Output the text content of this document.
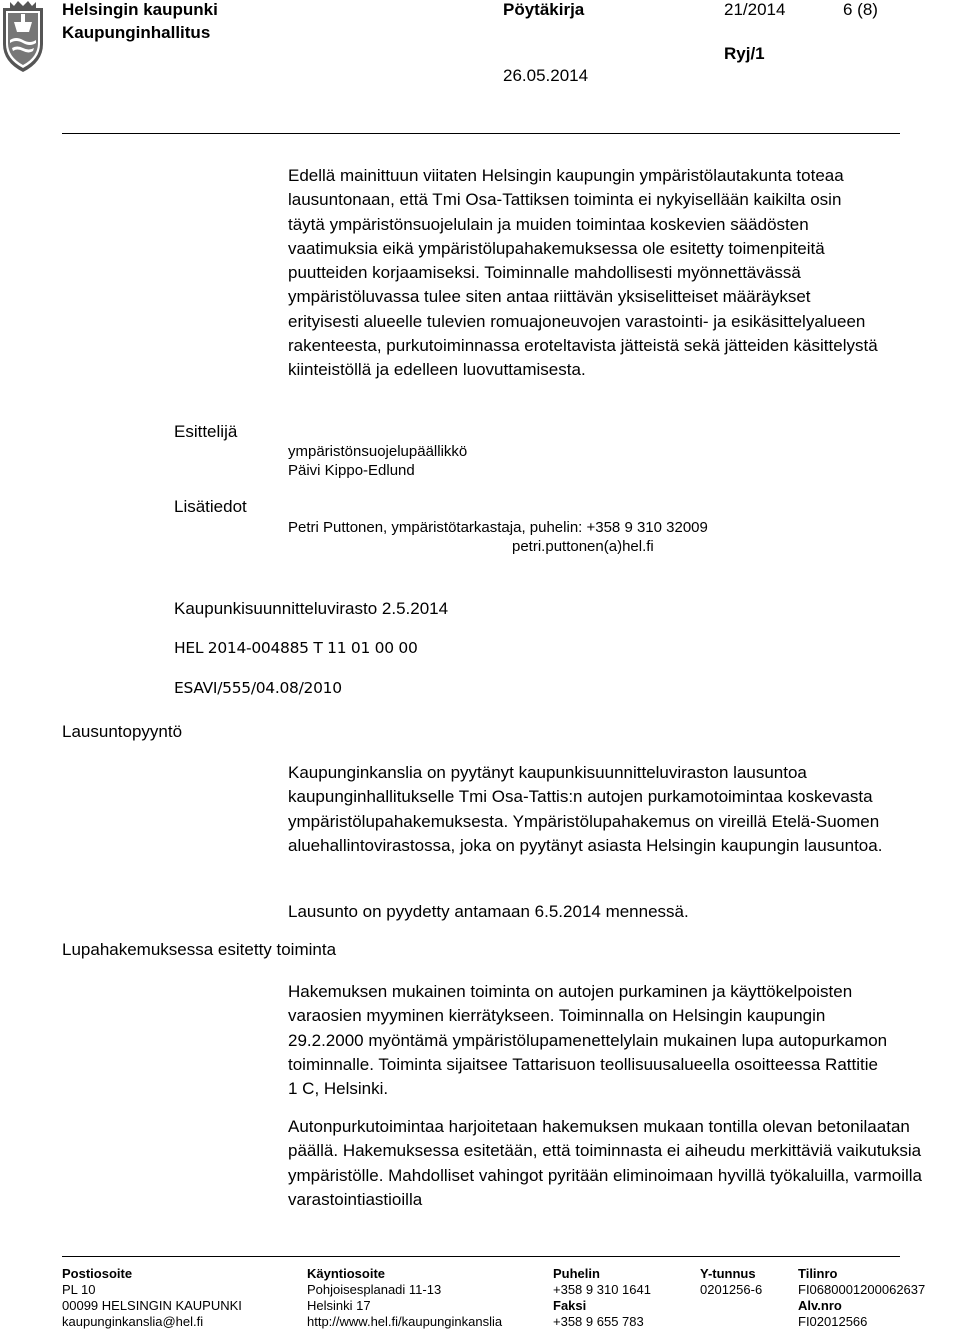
Helsingin kaupunki
Kaupunginhallitus
Pöytäkirja	21/2014	6 (8)
Ryj/1
26.05.2014

Edellä mainittuun viitaten Helsingin kaupungin ympäristölautakunta toteaa lausuntonaan, että Tmi Osa-Tattiksen toiminta ei nykyisellään kaikilta osin täytä ympäristönsuojelulain ja muiden toimintaa koskevien säädösten vaatimuksia eikä ympäristölupahakemuksessa ole esitetty toimenpiteitä puutteiden korjaamiseksi. Toiminnalle mahdollisesti myönnettävässä ympäristöluvassa tulee siten antaa riittävän yksiselitteiset määräykset erityisesti alueelle tulevien romuajoneuvojen varastointi- ja esikäsittelyalueen rakenteesta, purkutoiminnassa eroteltavista jätteistä sekä jätteiden käsittelystä kiinteistöllä ja edelleen luovuttamisesta.

Esittelijä
ympäristönsuojelupäällikkö
Päivi Kippo-Edlund
Lisätiedot
Petri Puttonen, ympäristötarkastaja, puhelin: +358 9 310 32009
petri.puttonen(a)hel.fi
Kaupunkisuunnitteluvirasto 2.5.2014
HEL 2014-004885 T 11 01 00 00
ESAVI/555/04.08/2010
Lausuntopyyntö

Kaupunginkanslia on pyytänyt kaupunkisuunnitteluviraston lausuntoa kaupunginhallitukselle Tmi Osa-Tattis:n autojen purkamotoimintaa koskevasta ympäristölupahakemuksesta. Ympäristölupahakemus on vireillä Etelä-Suomen aluehallintovirastossa, joka on pyytänyt asiasta Helsingin kaupungin lausuntoa.

Lausunto on pyydetty antamaan 6.5.2014 mennessä.
Lupahakemuksessa esitetty toiminta

Hakemuksen mukainen toiminta on autojen purkaminen ja käyttökelpoisten varaosien myyminen kierrätykseen. Toiminnalla on Helsingin kaupungin 29.2.2000 myöntämä ympäristölupamenettelylain mukainen lupa autopurkamon toiminnalle. Toiminta sijaitsee Tattarisuon teollisuusalueella osoitteessa Rattitie 1 C, Helsinki.

Autonpurkutoimintaa harjoitetaan hakemuksen mukaan tontilla olevan betonilaatan päällä. Hakemuksessa esitetään, että toiminnasta ei aiheudu merkittäviä vaikutuksia ympäristölle. Mahdolliset vahingot pyritään eliminoimaan hyvillä työkaluilla, varmoilla varastointiastioilla

Postiosoite
PL 10
00099 HELSINGIN KAUPUNKI
kaupunginkanslia@hel.fi
Käyntiosoite
Pohjoisesplanadi 11-13
Helsinki 17
http://www.hel.fi/kaupunginkanslia
Puhelin
+358 9 310 1641
Faksi
+358 9 655 783
Y-tunnus
0201256-6
Tilinro
FI0680001200062637
Alv.nro
FI02012566
